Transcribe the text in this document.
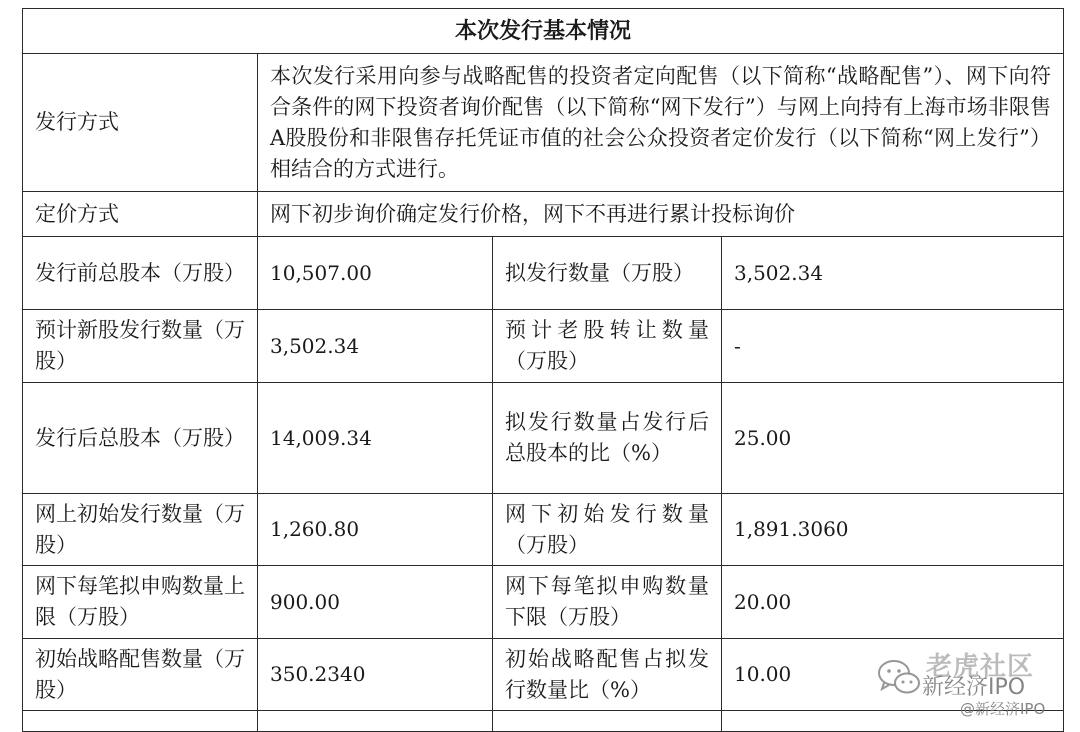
本次发行基本情况			
发行方式	本次发行采用向参与战略配售的投资者定向配售（以下简称“战略配售”）、网下向符合条件的网下投资者询价配售（以下简称“网下发行”）与网上向持有上海市场非限售A股股份和非限售存托凭证市值的社会公众投资者定价发行（以下简称“网上发行”）相结合的方式进行。		
定价方式	网下初步询价确定发行价格，网下不再进行累计投标询价		
发行前总股本（万股）	10,507.00	拟发行数量（万股）	3,502.34
预计新股发行数量（万股）	3,502.34	预计老股转让数量（万股）	-
发行后总股本（万股）	14,009.34	拟发行数量占发行后总股本的比（%）	25.00
网上初始发行数量（万股）	1,260.80	网下初始发行数量（万股）	1,891.3060
网下每笔拟申购数量上限（万股）	900.00	网下每笔拟申购数量下限（万股）	20.00
初始战略配售数量（万股）	350.2340	初始战略配售占拟发行数量比（%）	10.00
				老虎社区
新经济IPO
@新经济IPO
